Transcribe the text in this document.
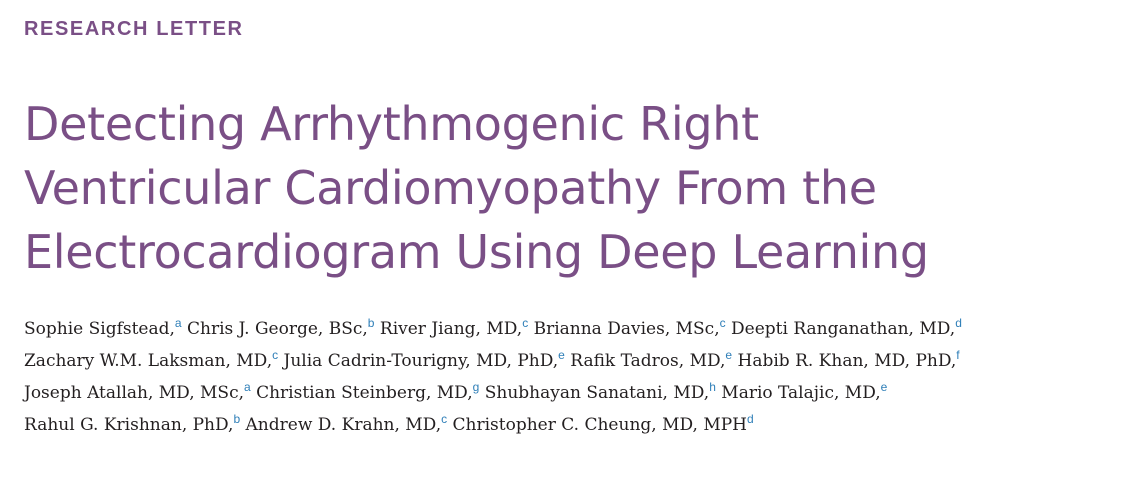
RESEARCH LETTER
Detecting Arrhythmogenic Right
Ventricular Cardiomyopathy From the
Electrocardiogram Using Deep Learning
Sophie Sigfstead,$^a$ Chris J. George, BSc,$^b$ River Jiang, MD,$^c$ Brianna Davies, MSc,$^c$ Deepti Ranganathan, MD,$^d$
Zachary W.M. Laksman, MD,$^c$ Julia Cadrin-Tourigny, MD, PhD,$^e$ Rafik Tadros, MD,$^e$ Habib R. Khan, MD, PhD,$^f$
Joseph Atallah, MD, MSc,$^a$ Christian Steinberg, MD,$^g$ Shubhayan Sanatani, MD,$^h$ Mario Talajic, MD,$^e$
Rahul G. Krishnan, PhD,$^b$ Andrew D. Krahn, MD,$^c$ Christopher C. Cheung, MD, MPH$^d$
